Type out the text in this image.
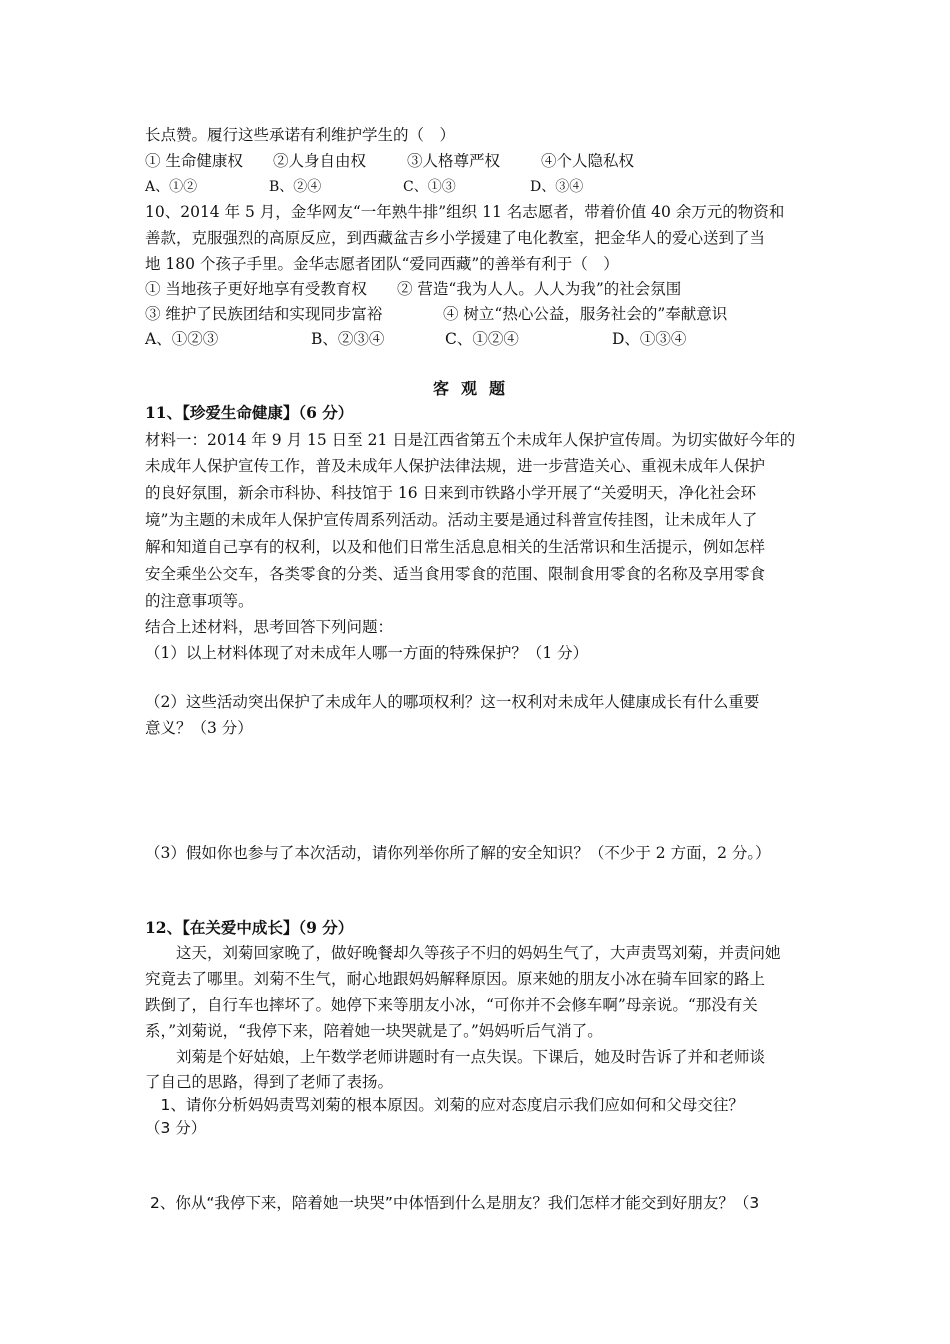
长点赞。履行这些承诺有利维护学生的（　）
① 生命健康权 ②人身自由权	③人格尊严权	④个人隐私权
A、①②	B、②④	C、①③	D、③④
10、2014 年 5 月，金华网友“一年熟牛排”组织 11 名志愿者，带着价值 40 余万元的物资和
善款，克服强烈的高原反应，到西藏盆吉乡小学援建了电化教室，把金华人的爱心送到了当
地 180 个孩子手里。金华志愿者团队“爱同西藏”的善举有利于（　）
① 当地孩子更好地享有受教育权 ② 营造“我为人人。人人为我”的社会氛围
③ 维护了民族团结和实现同步富裕	④ 树立“热心公益，服务社会的”奉献意识
A、①②③	B、②③④	C、①②④	D、①③④
客观题
11、【珍爱生命健康】（6 分）
材料一：2014 年 9 月 15 日至 21 日是江西省第五个未成年人保护宣传周。为切实做好今年的
未成年人保护宣传工作，普及未成年人保护法律法规，进一步营造关心、重视未成年人保护
的良好氛围，新余市科协、科技馆于 16 日来到市铁路小学开展了“关爱明天，净化社会环
境”为主题的未成年人保护宣传周系列活动。活动主要是通过科普宣传挂图，让未成年人了
解和知道自己享有的权利，以及和他们日常生活息息相关的生活常识和生活提示，例如怎样
安全乘坐公交车，各类零食的分类、适当食用零食的范围、限制食用零食的名称及享用零食
的注意事项等。
结合上述材料，思考回答下列问题：
（1）以上材料体现了对未成年人哪一方面的特殊保护？（1 分）
（2）这些活动突出保护了未成年人的哪项权利？这一权利对未成年人健康成长有什么重要
意义？（3 分）
（3）假如你也参与了本次活动，请你列举你所了解的安全知识？（不少于 2 方面，2 分。）
12、【在关爱中成长】（9 分）
　　这天，刘菊回家晚了，做好晚餐却久等孩子不归的妈妈生气了，大声责骂刘菊，并责问她
究竟去了哪里。刘菊不生气，耐心地跟妈妈解释原因。原来她的朋友小冰在骑车回家的路上
跌倒了，自行车也摔坏了。她停下来等朋友小冰，“可你并不会修车啊”母亲说。“那没有关
系，”刘菊说，“我停下来，陪着她一块哭就是了。”妈妈听后气消了。
　　刘菊是个好姑娘，上午数学老师讲题时有一点失误。下课后，她及时告诉了并和老师谈
了自己的思路，得到了老师了表扬。
　1、请你分析妈妈责骂刘菊的根本原因。刘菊的应对态度启示我们应如何和父母交往？
（3 分）
2、你从“我停下来，陪着她一块哭”中体悟到什么是朋友？我们怎样才能交到好朋友？（3
